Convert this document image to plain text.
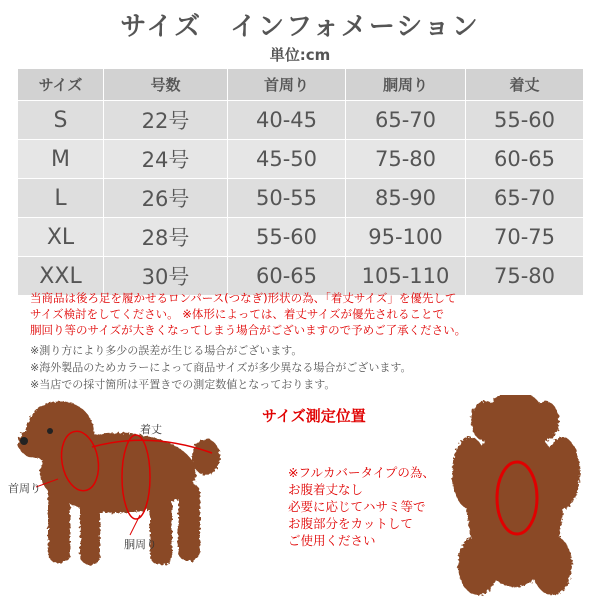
サイズ　インフォメーション
単位:cm
サイズ	号数	首周り	胴周り	着丈
S	22号	40-45	65-70	55-60
M	24号	45-50	75-80	60-65
L	26号	50-55	85-90	65-70
XL	28号	55-60	95-100	70-75
XXL	30号	60-65	105-110	75-80
当商品は後ろ足を履かせるロンパース(つなぎ)形状の為、「着丈サイズ」を優先して
サイズ検討をしてください。 ※体形によっては、着丈サイズが優先されることで
胴回り等のサイズが大きくなってしまう場合がございますので予めご了承ください。
※測り方により多少の誤差が生じる場合がございます。
※海外製品のためカラーによって商品サイズが多少異なる場合がございます。
※当店での採寸箇所は平置きでの測定数値となっております。
サイズ測定位置
着丈
首周り
胴周り
※フルカバータイプの為、
お腹着丈なし
必要に応じてハサミ等で
お腹部分をカットして
ご使用ください
